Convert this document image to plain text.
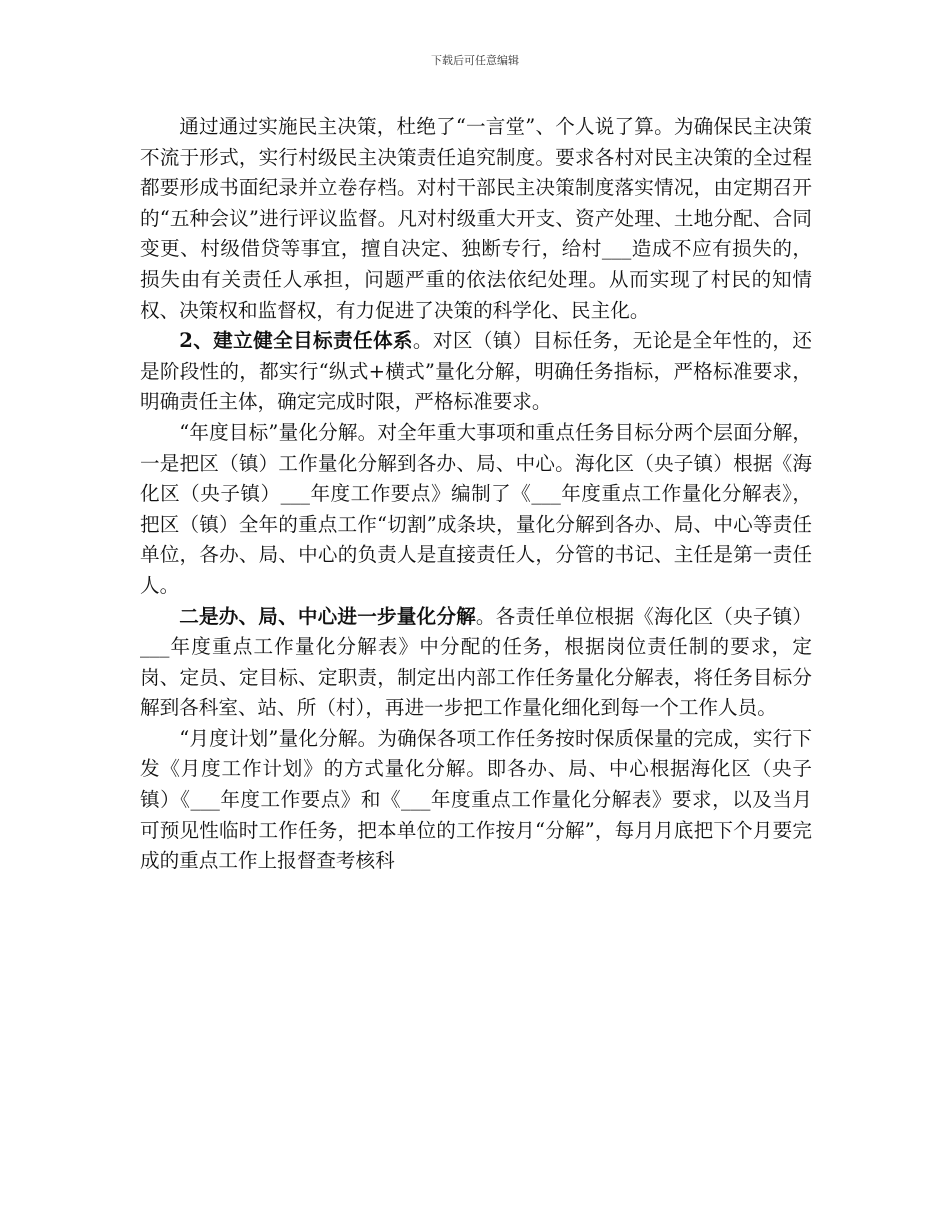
下载后可任意编辑

通过通过实施民主决策，杜绝了“一言堂”、个人说了算。为确保民主决策不流于形式，实行村级民主决策责任追究制度。要求各村对民主决策的全过程都要形成书面纪录并立卷存档。对村干部民主决策制度落实情况，由定期召开的“五种会议”进行评议监督。凡对村级重大开支、资产处理、土地分配、合同变更、村级借贷等事宜，擅自决定、独断专行，给村___造成不应有损失的，损失由有关责任人承担，问题严重的依法依纪处理。从而实现了村民的知情权、决策权和监督权，有力促进了决策的科学化、民主化。

2、建立健全目标责任体系。对区（镇）目标任务，无论是全年性的，还是阶段性的，都实行“纵式+横式”量化分解，明确任务指标，严格标准要求，明确责任主体，确定完成时限，严格标准要求。

“年度目标”量化分解。对全年重大事项和重点任务目标分两个层面分解，一是把区（镇）工作量化分解到各办、局、中心。海化区（央子镇）根据《海化区（央子镇）___年度工作要点》编制了《___年度重点工作量化分解表》，把区（镇）全年的重点工作“切割”成条块，量化分解到各办、局、中心等责任单位，各办、局、中心的负责人是直接责任人，分管的书记、主任是第一责任人。

二是办、局、中心进一步量化分解。各责任单位根据《海化区（央子镇）___年度重点工作量化分解表》中分配的任务，根据岗位责任制的要求，定岗、定员、定目标、定职责，制定出内部工作任务量化分解表，将任务目标分解到各科室、站、所（村），再进一步把工作量化细化到每一个工作人员。

“月度计划”量化分解。为确保各项工作任务按时保质保量的完成，实行下发《月度工作计划》的方式量化分解。即各办、局、中心根据海化区（央子镇）《___年度工作要点》和《___年度重点工作量化分解表》要求，以及当月可预见性临时工作任务，把本单位的工作按月“分解”，每月月底把下个月要完成的重点工作上报督查考核科
